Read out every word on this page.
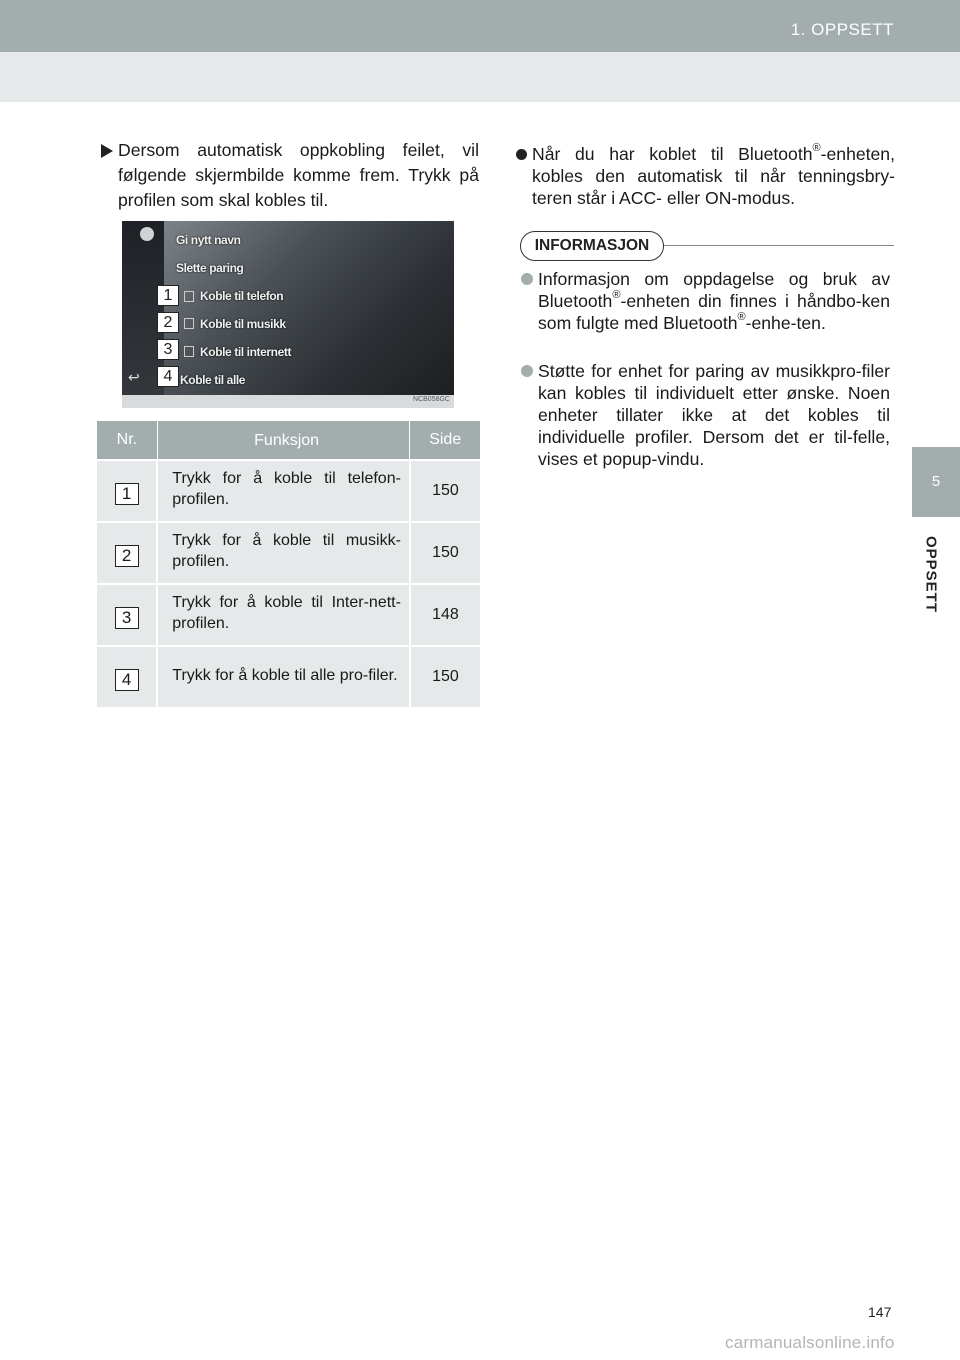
1. OPPSETT
5
OPPSETT
Dersom automatisk oppkobling feilet, vil følgende skjermbilde komme frem. Trykk på profilen som skal kobles til.
Gi nytt navn
Slette paring
Koble til telefon
Koble til musikk
Koble til internett
↩	Koble til alle
1
2
3
4
NCB058GC
Nr.	Funksjon	Side
1	Trykk for å koble til telefon-profilen.	150
2	Trykk for å koble til musikk-profilen.	150
3	Trykk for å koble til Inter-nett-profilen.	148
4	Trykk for å koble til alle pro-filer.	150
Når du har koblet til Bluetooth®-enheten, kobles den automatisk til når tenningsbry-teren står i ACC- eller ON-modus.
INFORMASJON
Informasjon om oppdagelse og bruk av Bluetooth®-enheten din finnes i håndbo-ken som fulgte med Bluetooth®-enhe-ten.
Støtte for enhet for paring av musikkpro-filer kan kobles til individuelt etter ønske. Noen enheter tillater ikke at det kobles til individuelle profiler. Dersom det er til-felle, vises et popup-vindu.
147
carmanualsonline.info
